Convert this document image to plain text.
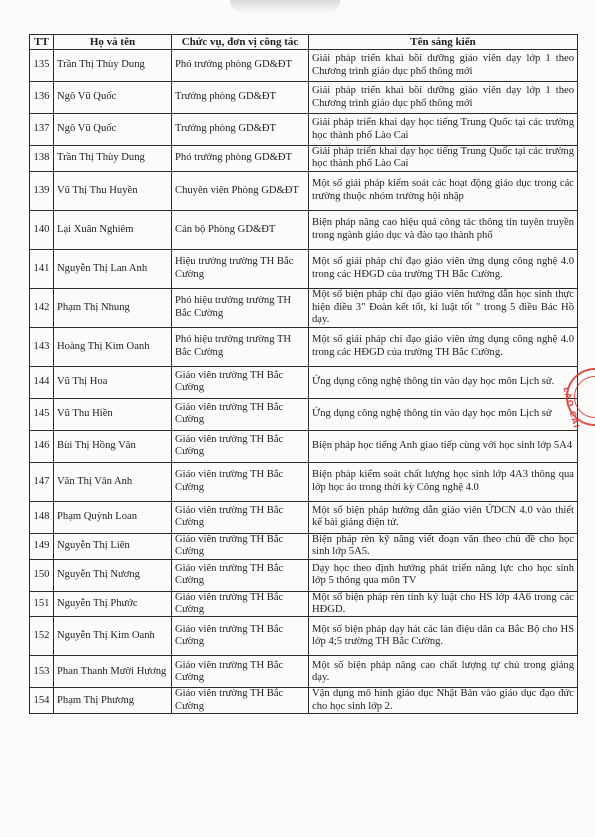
TT	Họ và tên	Chức vụ, đơn vị công tác	Tên sáng kiến
135	Trần Thị Thùy Dung	Phó trưởng phòng GD&ĐT	Giải pháp triển khai bồi dưỡng giáo viên dạy lớp 1 theo Chương trình giáo dục phổ thông mới
136	Ngô Vũ Quốc	Trưởng phòng GD&ĐT	Giải pháp triển khai bồi dưỡng giáo viên dạy lớp 1 theo Chương trình giáo dục phổ thông mới
137	Ngô Vũ Quốc	Trưởng phòng GD&ĐT	Giải pháp triển khai dạy học tiếng Trung Quốc tại các trường học thành phố Lào Cai
138	Trần Thị Thùy Dung	Phó trưởng phòng GD&ĐT	Giải pháp triển khai dạy học tiếng Trung Quốc tại các trường học thành phố Lào Cai
139	Vũ Thị Thu Huyền	Chuyên viên Phòng GD&ĐT	Một số giải pháp kiểm soát các hoạt động giáo dục trong các trường thuộc nhóm trường hội nhập
140	Lại Xuân Nghiêm	Cán bộ Phòng GD&ĐT	Biện pháp nâng cao hiệu quả công tác thông tin tuyên truyền trong ngành giáo dục và đào tạo thành phố
141	Nguyễn Thị Lan Anh	Hiệu trưởng trường TH Bắc Cường	Một số giải pháp chỉ đạo giáo viên ứng dụng công nghệ 4.0 trong các HĐGD của trường TH Bắc Cường.
142	Phạm Thị Nhung	Phó hiệu trưởng trường TH Bắc Cường	Một số biện pháp chỉ đạo giáo viên hướng dẫn học sinh thực hiện điều 3" Đoàn kết tốt, kỉ luật tốt " trong 5 điều Bác Hồ dạy.
143	Hoàng Thị Kim Oanh	Phó hiệu trưởng trường TH Bắc Cường	Một số giải pháp chỉ đạo giáo viên ứng dụng công nghệ 4.0 trong các HĐGD của trường TH Bắc Cường.
144	Vũ Thị Hoa	Giáo viên trường TH Bắc Cường	Ứng dụng công nghệ thông tin vào dạy học môn Lịch sử.
145	Vũ Thu Hiền	Giáo viên trường TH Bắc Cường	Ứng dụng công nghệ thông tin vào dạy học môn Lịch sử
146	Bùi Thị Hồng Vân	Giáo viên trường TH Bắc Cường	Biện pháp học tiếng Anh giao tiếp cùng với học sinh lớp 5A4
147	Văn Thị Vân Anh	Giáo viên trường TH Bắc Cường	Biện pháp kiểm soát chất lượng học sinh lớp 4A3 thông qua lớp học ảo trong thời kỳ Công nghệ 4.0
148	Phạm Quỳnh Loan	Giáo viên trường TH Bắc Cường	Một số biện pháp hướng dẫn giáo viên ỨDCN 4.0 vào thiết kế bài giảng điện tử.
149	Nguyễn Thị Liên	Giáo viên trường TH Bắc Cường	Biện pháp rèn kỹ năng viết đoạn văn theo chủ đề cho học sinh lớp 5A5.
150	Nguyễn Thị Nương	Giáo viên trường TH Bắc Cường	Dạy học theo định hướng phát triển năng lực cho học sinh lớp 5 thông qua môn TV
151	Nguyễn Thị Phước	Giáo viên trường TH Bắc Cường	Một số biện pháp rèn tính kỷ luật cho HS lớp 4A6 trong các HĐGD.
152	Nguyễn Thị Kim Oanh	Giáo viên trường TH Bắc Cường	Một số biện pháp dạy hát các làn điệu dân ca Bắc Bộ cho HS lớp 4;5 trường TH Bắc Cường.
153	Phan Thanh Mười Hương	Giáo viên trường TH Bắc Cường	Một số biện pháp nâng cao chất lượng tự chủ trong giảng dạy.
154	Phạm Thị Phương	Giáo viên trường TH Bắc Cường	Vận dụng mô hình giáo dục Nhật Bản vào giáo dục đạo đức cho học sinh lớp 2.
LÀO CAI
